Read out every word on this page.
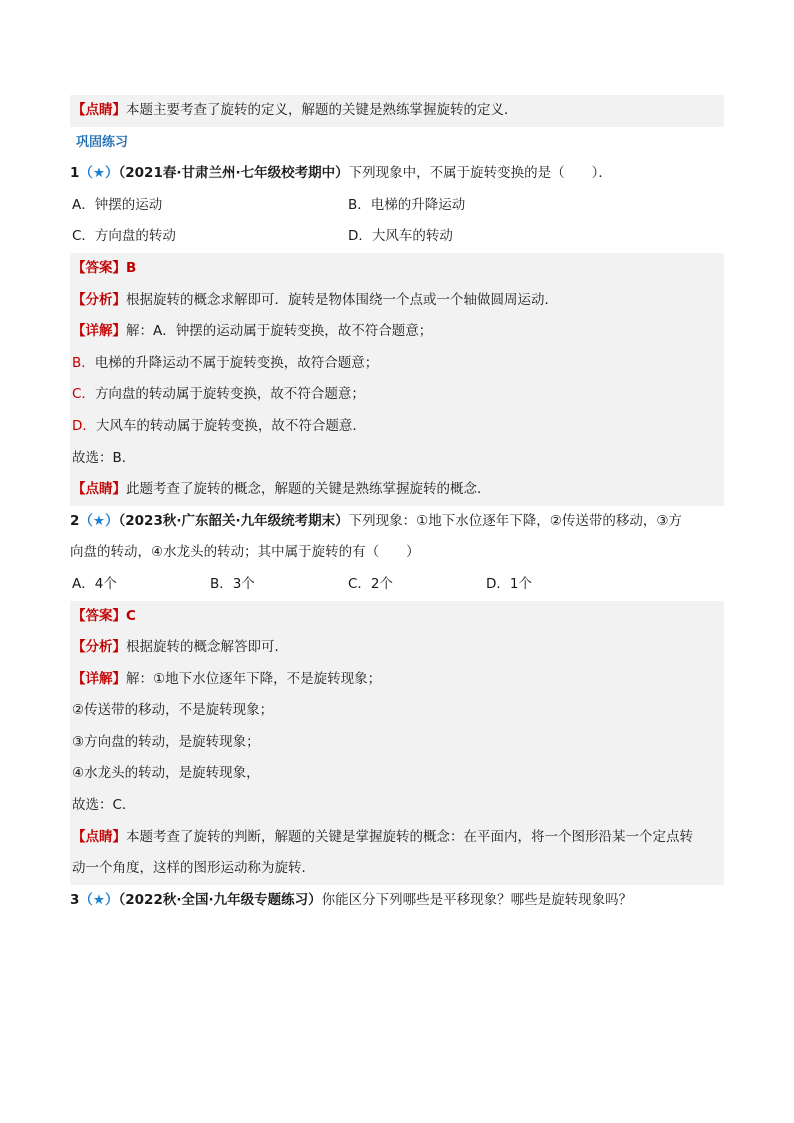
【点睛】本题主要考查了旋转的定义，解题的关键是熟练掌握旋转的定义．
巩固练习
1（★）（2021春·甘肃兰州·七年级校考期中）下列现象中，不属于旋转变换的是（　　）．
A．钟摆的运动	B．电梯的升降运动
C．方向盘的转动	D．大风车的转动
【答案】B
【分析】根据旋转的概念求解即可．旋转是物体围绕一个点或一个轴做圆周运动．
【详解】解：A．钟摆的运动属于旋转变换，故不符合题意；
B．电梯的升降运动不属于旋转变换，故符合题意；
C．方向盘的转动属于旋转变换，故不符合题意；
D．大风车的转动属于旋转变换，故不符合题意．
故选：B．
【点睛】此题考查了旋转的概念，解题的关键是熟练掌握旋转的概念．
2（★）（2023秋·广东韶关·九年级统考期末）下列现象：①地下水位逐年下降，②传送带的移动，③方
向盘的转动，④水龙头的转动；其中属于旋转的有（　　）
A．4个	B．3个	C．2个	D．1个
【答案】C
【分析】根据旋转的概念解答即可．
【详解】解：①地下水位逐年下降，不是旋转现象；
②传送带的移动，不是旋转现象；
③方向盘的转动，是旋转现象；
④水龙头的转动，是旋转现象，
故选：C．
【点睛】本题考查了旋转的判断，解题的关键是掌握旋转的概念：在平面内，将一个图形沿某一个定点转
动一个角度，这样的图形运动称为旋转．
3（★）（2022秋·全国·九年级专题练习）你能区分下列哪些是平移现象？哪些是旋转现象吗？
